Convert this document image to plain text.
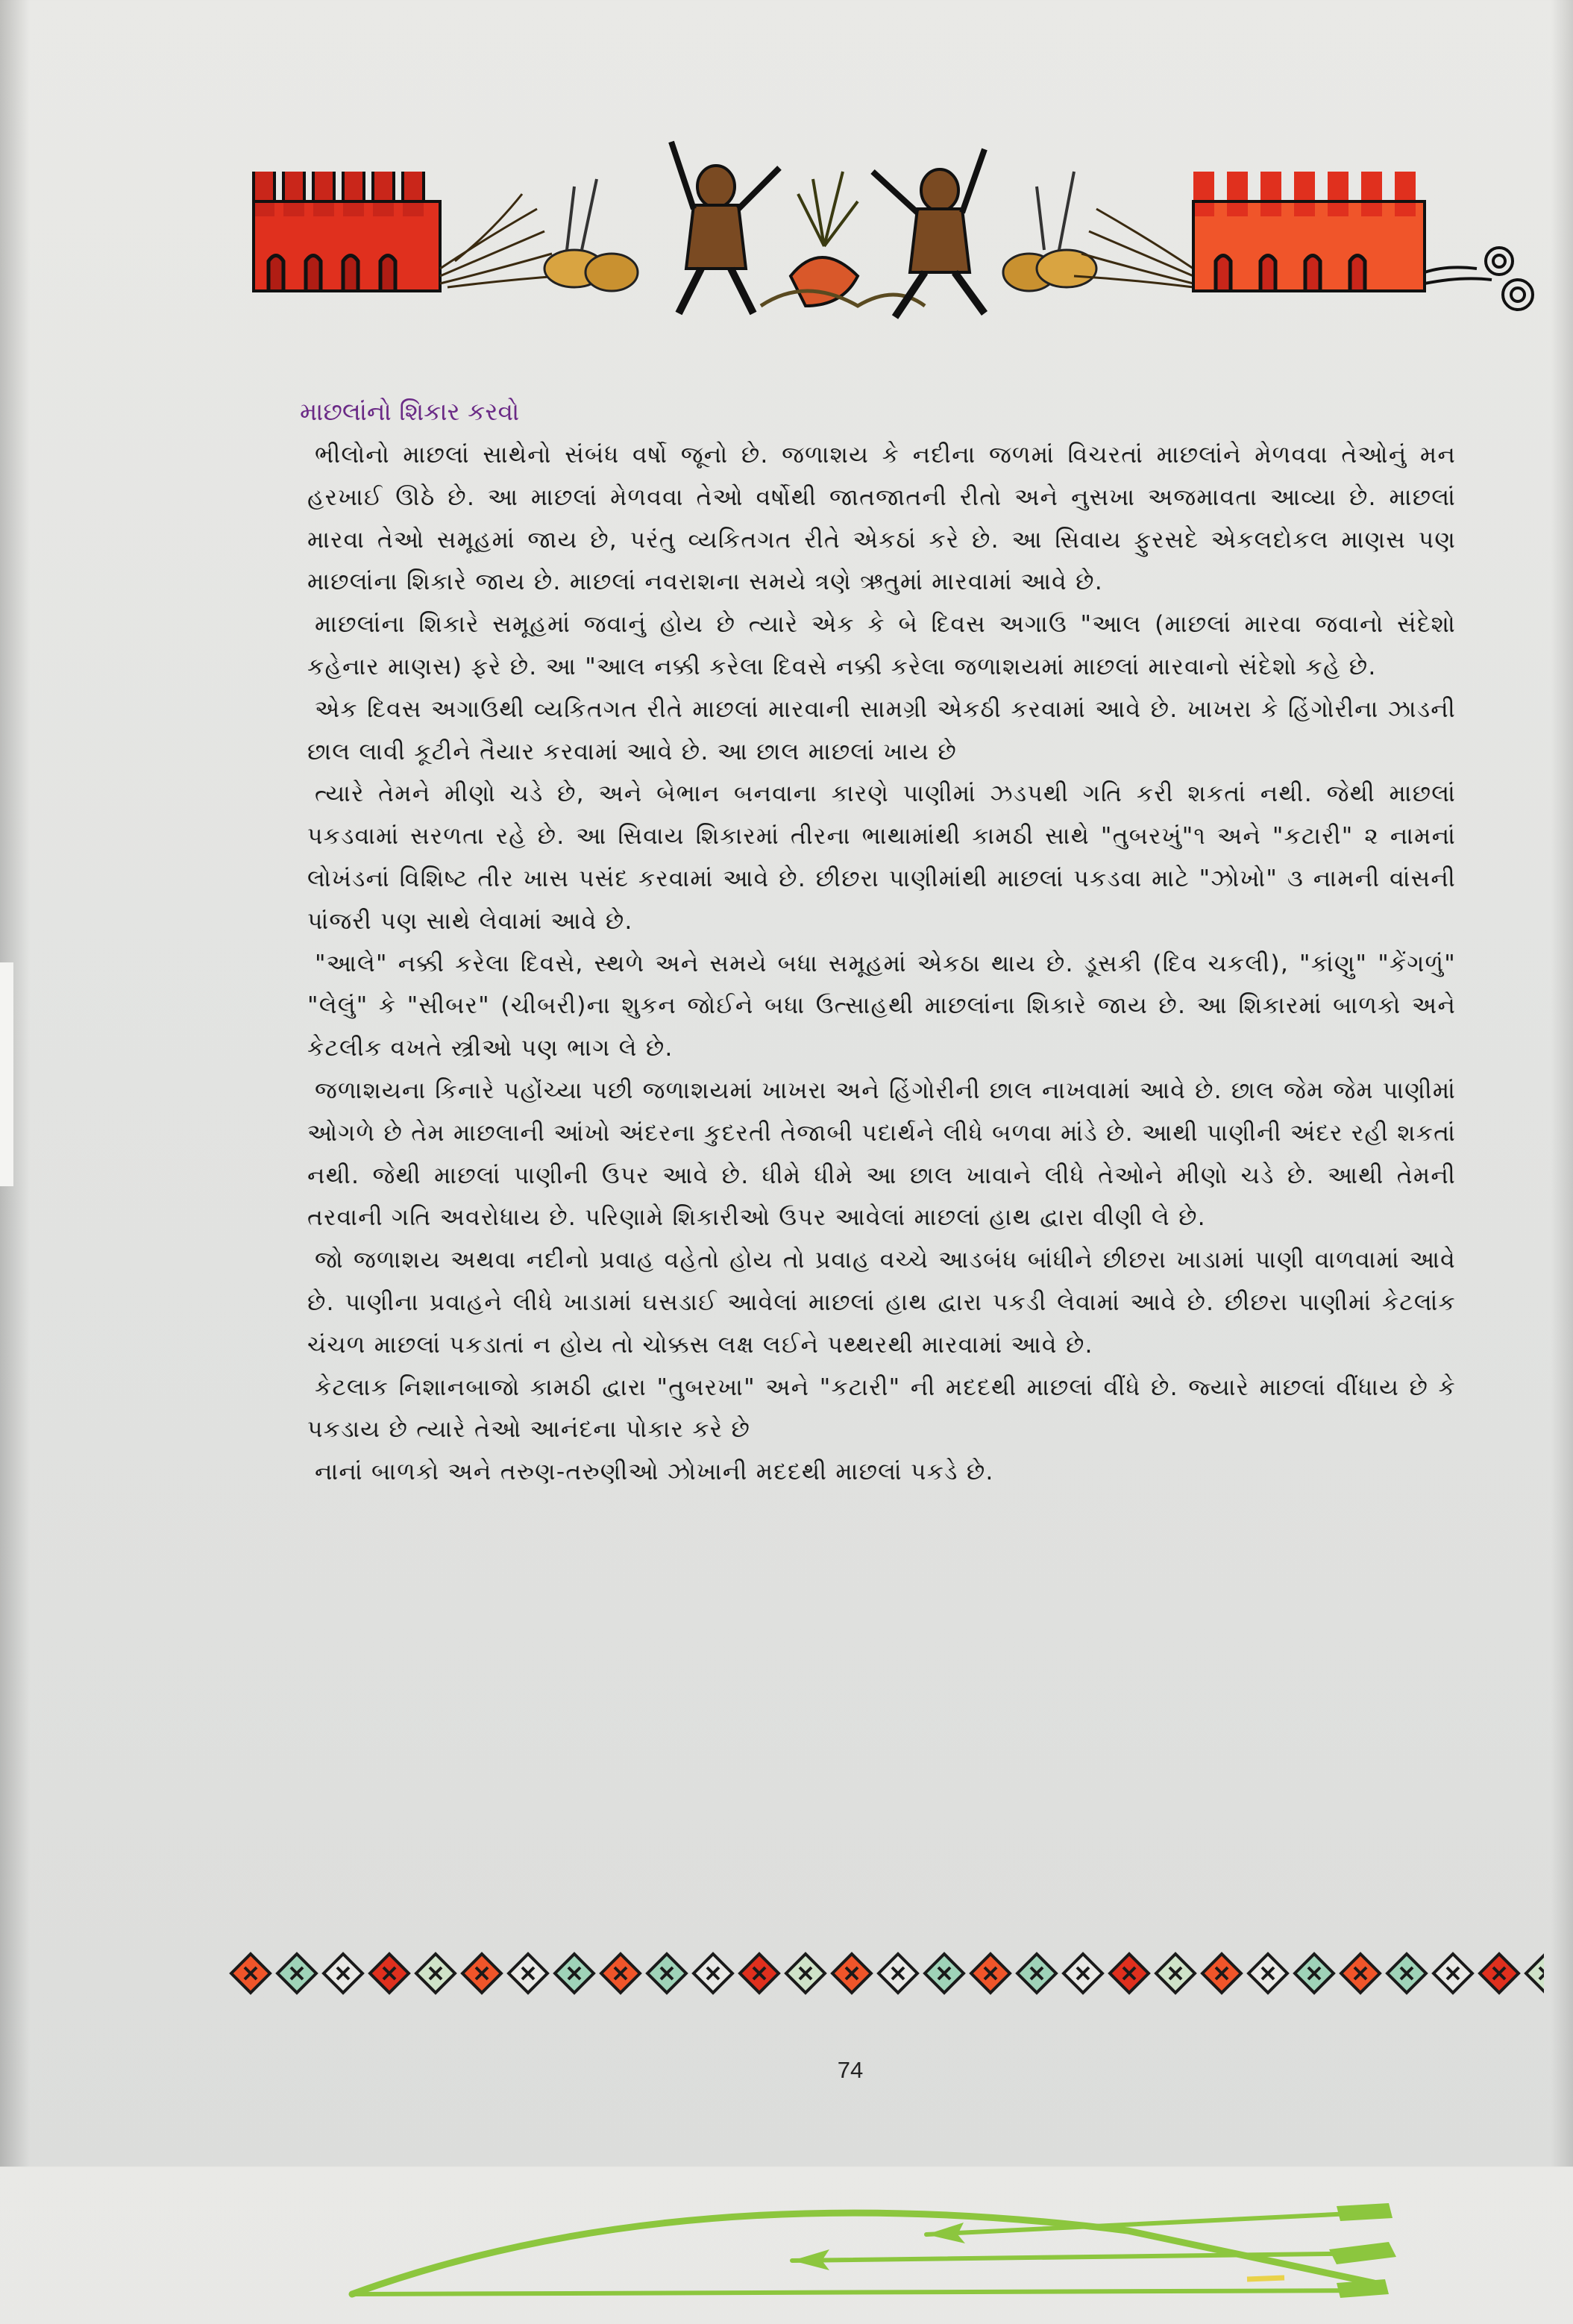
માછલાંનો શિકાર કરવો

ભીલોનો માછલાં સાથેનો સંબંધ વર્ષો જૂનો છે. જળાશય કે નદીના જળમાં વિચરતાં માછલાંને મેળવવા તેઓનું મન હરખાઈ ઊઠે છે. આ માછલાં મેળવવા તેઓ વર્ષોથી જાતજાતની રીતો અને નુસખા અજમાવતા આવ્યા છે. માછલાં મારવા તેઓ સમૂહમાં જાય છે, પરંતુ વ્યકિતગત રીતે એકઠાં કરે છે. આ સિવાય ફુરસદે એકલદોકલ માણસ પણ માછલાંના શિકારે જાય છે. માછલાં નવરાશના સમયે ત્રણે ઋતુમાં મારવામાં આવે છે.

માછલાંના શિકારે સમૂહમાં જવાનું હોય છે ત્યારે એક કે બે દિવસ અગાઉ "આલ (માછલાં મારવા જવાનો સંદેશો કહેનાર માણસ) ફરે છે. આ "આલ નક્કી કરેલા દિવસે નક્કી કરેલા જળાશયમાં માછલાં મારવાનો સંદેશો કહે છે.

એક દિવસ અગાઉથી વ્યકિતગત રીતે માછલાં મારવાની સામગ્રી એકઠી કરવામાં આવે છે. ખાખરા કે હિંગોરીના ઝાડની છાલ લાવી કૂટીને તૈયાર કરવામાં આવે છે. આ છાલ માછલાં ખાય છે

ત્યારે તેમને મીણો ચડે છે, અને બેભાન બનવાના કારણે પાણીમાં ઝડપથી ગતિ કરી શકતાં નથી. જેથી માછલાં પકડવામાં સરળતા રહે છે. આ સિવાય શિકારમાં તીરના ભાથામાંથી કામઠી સાથે "તુબરખું"૧ અને "કટારી" ૨ નામનાં લોખંડનાં વિશિષ્ટ તીર ખાસ પસંદ કરવામાં આવે છે. છીછરા પાણીમાંથી માછલાં પકડવા માટે "ઝોખો" ૩ નામની વાંસની પાંજરી પણ સાથે લેવામાં આવે છે.

"આલે" નક્કી કરેલા દિવસે, સ્થળે અને સમયે બધા સમૂહમાં એકઠા થાય છે. ડૂસકી (દિવ ચકલી), "કાંણુ" "કેંગળું" "લેલું" કે "સીબર" (ચીબરી)ના શુકન જોઈને બધા ઉત્સાહથી માછલાંના શિકારે જાય છે. આ શિકારમાં બાળકો અને કેટલીક વખતે સ્ત્રીઓ પણ ભાગ લે છે.

જળાશયના કિનારે પહોંચ્યા પછી જળાશયમાં ખાખરા અને હિંગોરીની છાલ નાખવામાં આવે છે. છાલ જેમ જેમ પાણીમાં ઓગળે છે તેમ માછલાની આંખો અંદરના કુદરતી તેજાબી પદાર્થને લીધે બળવા માંડે છે. આથી પાણીની અંદર રહી શકતાં નથી. જેથી માછલાં પાણીની ઉપર આવે છે. ધીમે ધીમે આ છાલ ખાવાને લીધે તેઓને મીણો ચડે છે. આથી તેમની તરવાની ગતિ અવરોધાય છે. પરિણામે શિકારીઓ ઉપર આવેલાં માછલાં હાથ દ્વારા વીણી લે છે.

જો જળાશય અથવા નદીનો પ્રવાહ વહેતો હોય તો પ્રવાહ વચ્ચે આડબંધ બાંધીને છીછરા ખાડામાં પાણી વાળવામાં આવે છે. પાણીના પ્રવાહને લીધે ખાડામાં ઘસડાઈ આવેલાં માછલાં હાથ દ્વારા પકડી લેવામાં આવે છે. છીછરા પાણીમાં કેટલાંક ચંચળ માછલાં પકડાતાં ન હોય તો ચોક્કસ લક્ષ લઈને પથ્થરથી મારવામાં આવે છે.

કેટલાક નિશાનબાજો કામઠી દ્વારા "તુબરખા" અને "કટારી" ની મદદથી માછલાં વીંધે છે. જ્યારે માછલાં વીંધાય છે કે પકડાય છે ત્યારે તેઓ આનંદના પોકાર કરે છે

નાનાં બાળકો અને તરુણ-તરુણીઓ ઝોખાની મદદથી માછલાં પકડે છે.

74
